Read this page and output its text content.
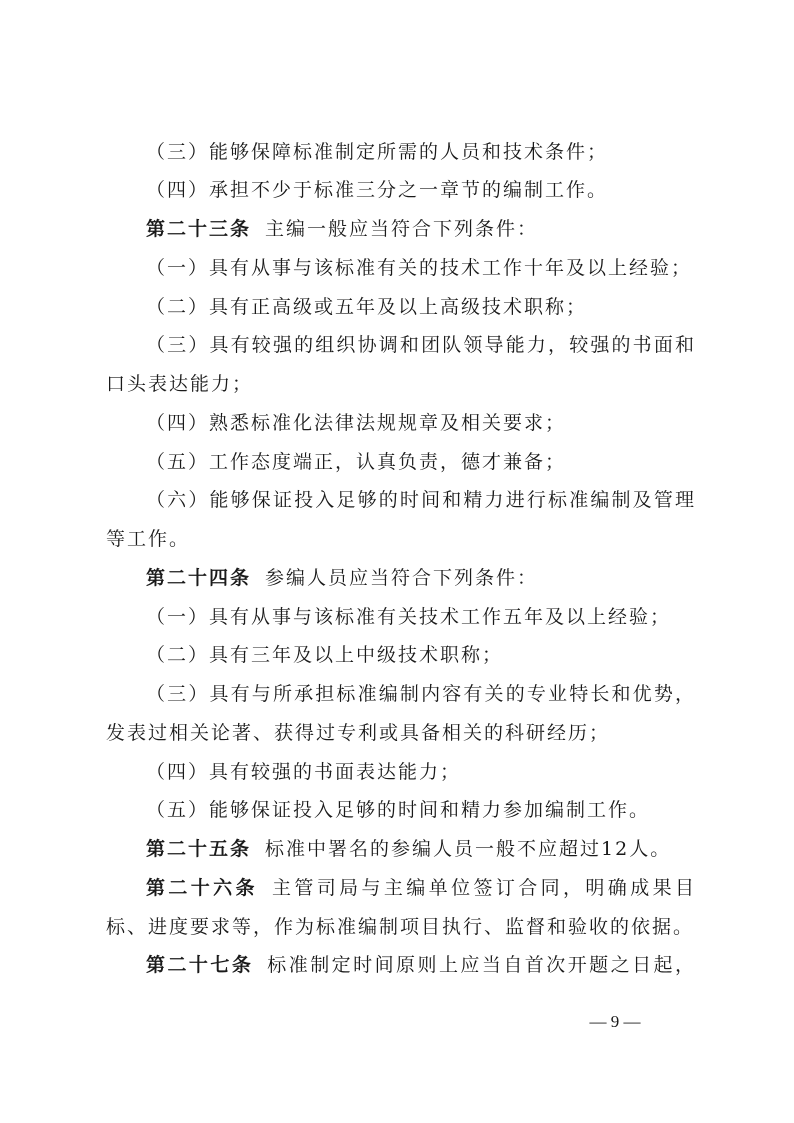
（三）能够保障标准制定所需的人员和技术条件；
（四）承担不少于标准三分之一章节的编制工作。
第二十三条 主编一般应当符合下列条件：
（一）具有从事与该标准有关的技术工作十年及以上经验；
（二）具有正高级或五年及以上高级技术职称；
（三）具有较强的组织协调和团队领导能力，较强的书面和
口头表达能力；
（四）熟悉标准化法律法规规章及相关要求；
（五）工作态度端正，认真负责，德才兼备；
（六）能够保证投入足够的时间和精力进行标准编制及管理
等工作。
第二十四条 参编人员应当符合下列条件：
（一）具有从事与该标准有关技术工作五年及以上经验；
（二）具有三年及以上中级技术职称；
（三）具有与所承担标准编制内容有关的专业特长和优势，
发表过相关论著、获得过专利或具备相关的科研经历；
（四）具有较强的书面表达能力；
（五）能够保证投入足够的时间和精力参加编制工作。
第二十五条 标准中署名的参编人员一般不应超过12人。
第二十六条 主管司局与主编单位签订合同，明确成果目
标、进度要求等，作为标准编制项目执行、监督和验收的依据。
第二十七条 标准制定时间原则上应当自首次开题之日起，
— 9 —
